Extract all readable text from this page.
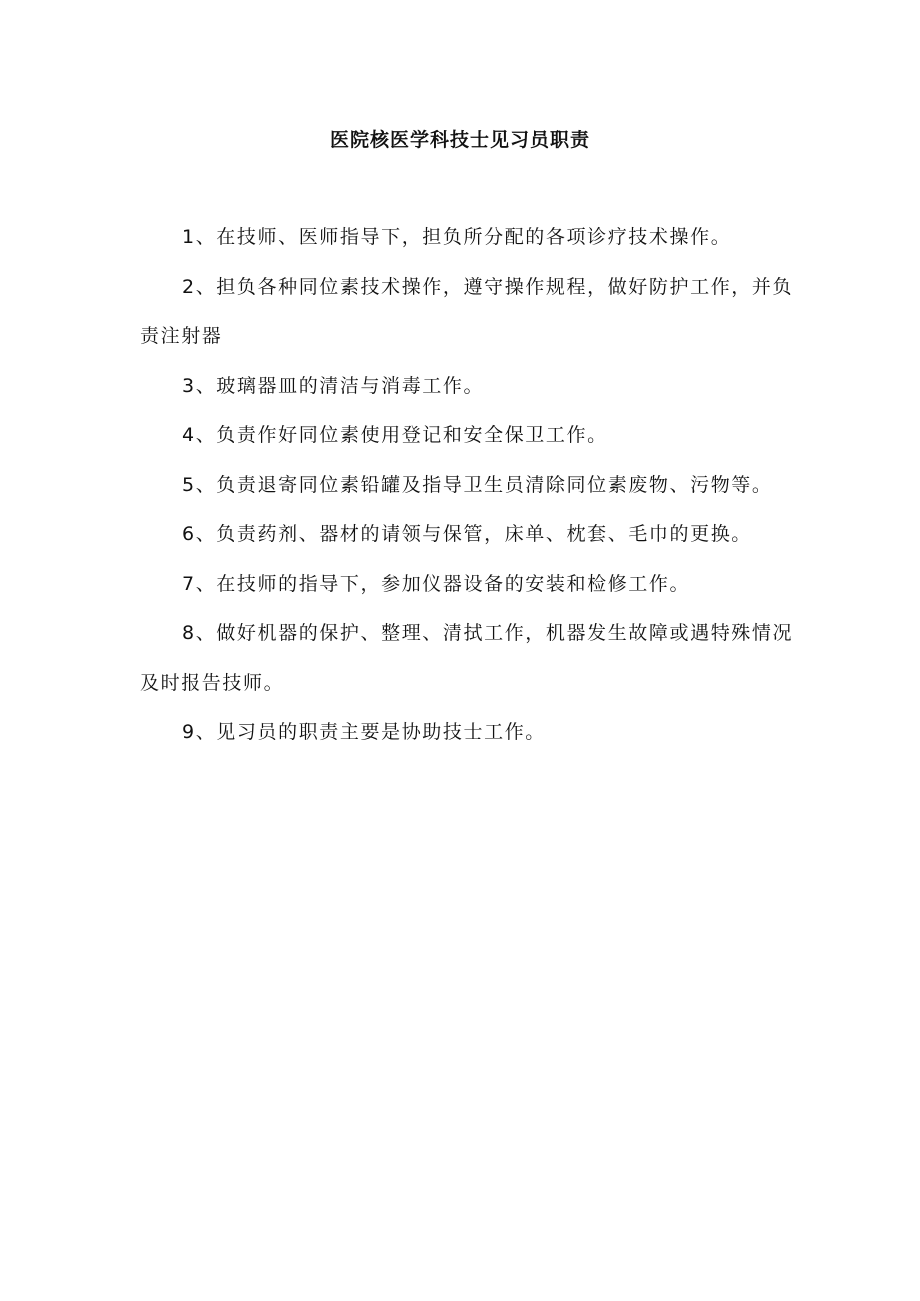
医院核医学科技士见习员职责
1、在技师、医师指导下，担负所分配的各项诊疗技术操作。
2、担负各种同位素技术操作，遵守操作规程，做好防护工作，并负责注射器
3、玻璃器皿的清洁与消毒工作。
4、负责作好同位素使用登记和安全保卫工作。
5、负责退寄同位素铅罐及指导卫生员清除同位素废物、污物等。
6、负责药剂、器材的请领与保管，床单、枕套、毛巾的更换。
7、在技师的指导下，参加仪器设备的安装和检修工作。
8、做好机器的保护、整理、清拭工作，机器发生故障或遇特殊情况及时报告技师。
9、见习员的职责主要是协助技士工作。
